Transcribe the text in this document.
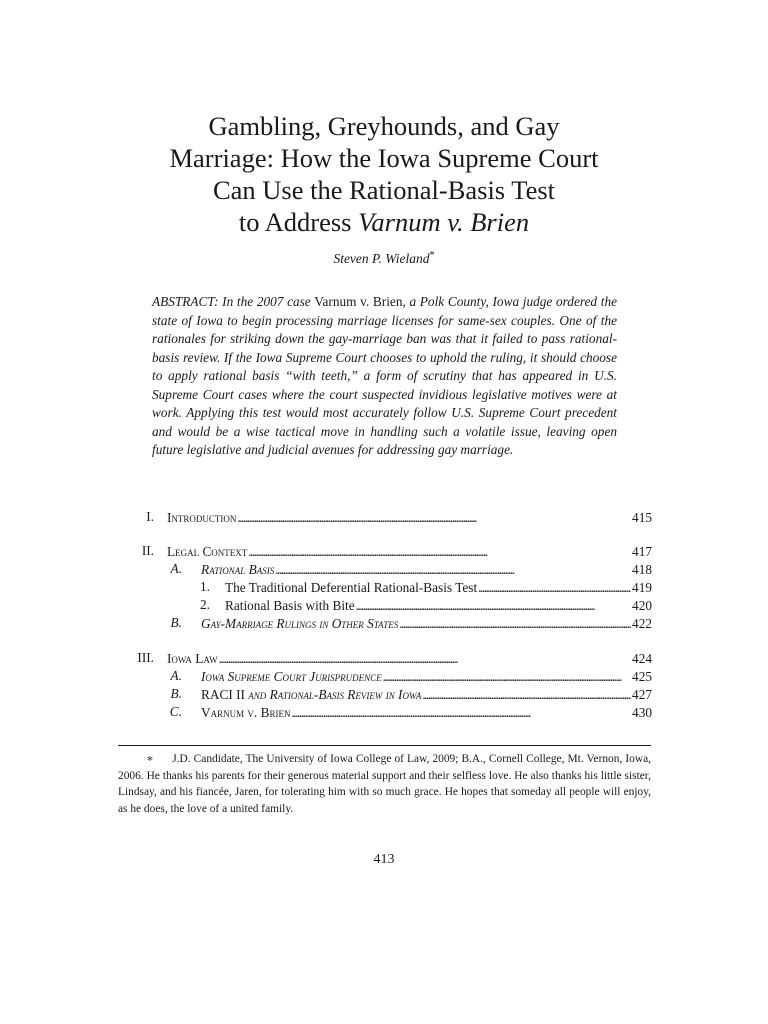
Gambling, Greyhounds, and Gay
Marriage: How the Iowa Supreme Court
Can Use the Rational-Basis Test
to Address Varnum v. Brien
Steven P. Wieland*
ABSTRACT: In the 2007 case Varnum v. Brien, a Polk County, Iowa judge ordered the state of Iowa to begin processing marriage licenses for same-sex couples. One of the rationales for striking down the gay-marriage ban was that it failed to pass rational-basis review. If the Iowa Supreme Court chooses to uphold the ruling, it should choose to apply rational basis “with teeth,” a form of scrutiny that has appeared in U.S. Supreme Court cases where the court suspected invidious legislative motives were at work. Applying this test would most accurately follow U.S. Supreme Court precedent and would be a wise tactical move in handling such a volatile issue, leaving open future legislative and judicial avenues for addressing gay marriage.
I. Introduction . . .	415
II. Legal Context . . .	417
A. Rational Basis . . .	418
1. The Traditional Deferential Rational-Basis Test . . .	419
2. Rational Basis with Bite . . .	420
B. Gay-Marriage Rulings in Other States . . .	422
III. Iowa Law . . .	424
A. Iowa Supreme Court Jurisprudence . . .	425
B. RACI II and Rational-Basis Review in Iowa . . .	427
C. Varnum v. Brien . . .	430
∗ J.D. Candidate, The University of Iowa College of Law, 2009; B.A., Cornell College, Mt. Vernon, Iowa, 2006. He thanks his parents for their generous material support and their selfless love. He also thanks his little sister, Lindsay, and his fiancée, Jaren, for tolerating him with so much grace. He hopes that someday all people will enjoy, as he does, the love of a united family.
413
